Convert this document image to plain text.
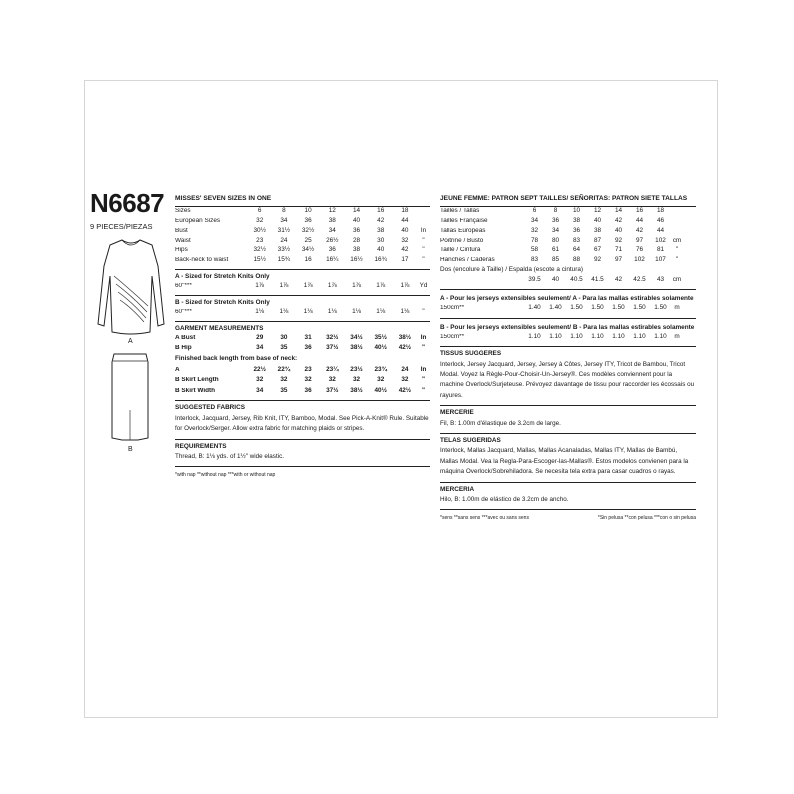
N6687
9 PIECES/PIEZAS
A
B
MISSES' SEVEN SIZES IN ONE
Sizes	6	8	10	12	14	16	18
European Sizes	32	34	36	38	40	42	44
Bust	30½	31½	32½	34	36	38	40	In
Waist	23	24	25	26½	28	30	32	"
Hips	32½	33½	34½	36	38	40	42	"
Back-neck to waist	15½	15¾	16	16¼	16½	16¾	17	"
A - Sized for Stretch Knits Only
60"***	1⅞	1⅞	1⅞	1⅞	1⅞	1⅞	1⅞	Yd
B - Sized for Stretch Knits Only
60"***	1⅛	1⅛	1⅛	1⅛	1⅛	1⅛	1⅛	"
GARMENT MEASUREMENTS
A Bust	29	30	31	32½	34½	35½	38½	In
B Hip	34	35	36	37½	38½	40½	42½	"
Finished back length from base of neck:
A	22½	22¾	23	23¼	23½	23¾	24	In
B Skirt Length	32	32	32	32	32	32	32	"
B Skirt Width	34	35	36	37½	38½	40½	42½	"
SUGGESTED FABRICS
Interlock, Jacquard, Jersey, Rib Knit, ITY, Bamboo, Modal. See Pick-A-Knit® Rule. Suitable for Overlock/Serger. Allow extra fabric for matching plaids or stripes.
REQUIREMENTS
Thread, B: 1⅛ yds. of 1½" wide elastic.
*with nap **without nap ***with or without nap
JEUNE FEMME: PATRON SEPT TAILLES/ SEÑORITAS: PATRON SIETE TALLAS
Tailles / Tallas	6	8	10	12	14	16	18
Tailles Française	34	36	38	40	42	44	46
Tallas Europeas	32	34	36	38	40	42	44
Poitrine / Busto	78	80	83	87	92	97	102	cm
Taille / Cintura	58	61	64	67	71	76	81	"
Hanches / Caderas	83	85	88	92	97	102	107	"
Dos (encolure à Taille) / Espalda (escote a cintura)
39.5	40	40.5	41.5	42	42.5	43	cm
A - Pour les jerseys extensibles seulement/ A - Para las mallas estirables solamente
150cm**	1.40	1.40	1.50	1.50	1.50	1.50	1.50	m
B - Pour les jerseys extensibles seulement/ B - Para las mallas estirables solamente
150cm**	1.10	1.10	1.10	1.10	1.10	1.10	1.10	m
TISSUS SUGGERES
Interlock, Jersey Jacquard, Jersey, Jersey à Côtes, Jersey ITY, Tricot de Bambou, Tricot Modal. Voyez la Règle-Pour-Choisir-Un-Jersey®. Ces modèles conviennent pour la machine Overlock/Surjeteuse. Prévoyez davantage de tissu pour raccorder les écossais ou rayures.
MERCERIE
Fil, B: 1.00m d'élastique de 3.2cm de large.
TELAS SUGERIDAS
Interlock, Mallas Jacquard, Mallas, Mallas Acanaladas, Mallas ITY, Mallas de Bambú, Mallas Modal. Vea la Regla-Para-Escoger-las-Mallas®. Estos modelos convienen para la máquina Overlock/Sobrehiladora. Se necesita tela extra para casar cuadros o rayas.
MERCERIA
Hilo, B: 1.00m de elástico de 3.2cm de ancho.
*sens **sans sens ***avec ou sans sens	*Sin pelusa **con pelusa ***con o sin pelusa
